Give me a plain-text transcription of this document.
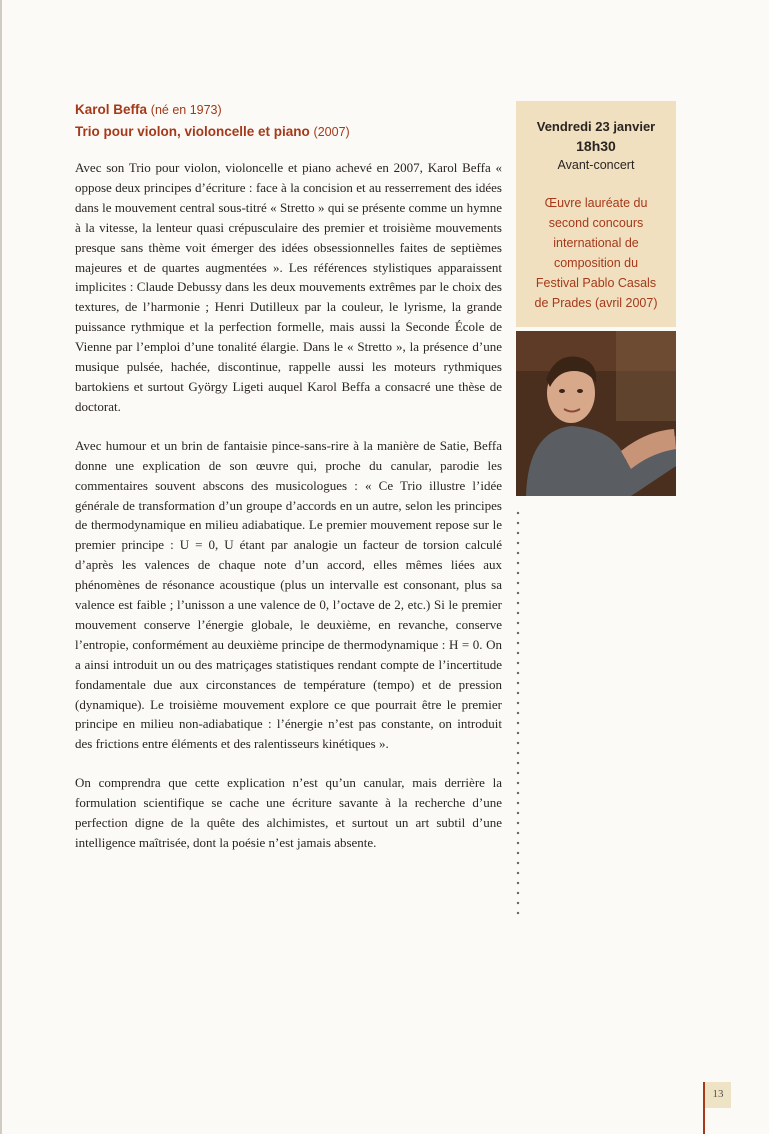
Karol Beffa (né en 1973)
Trio pour violon, violoncelle et piano (2007)

Avec son Trio pour violon, violoncelle et piano achevé en 2007, Karol Beffa « oppose deux principes d’écriture : face à la concision et au resserrement des idées dans le mouvement central sous-titré « Stretto » qui se présente comme un hymne à la vitesse, la lenteur quasi crépusculaire des premier et troisième mouvements presque sans thème voit émerger des idées obsessionnelles faites de septièmes majeures et de quartes augmentées ». Les références stylistiques apparaissent implicites : Claude Debussy dans les deux mouvements extrêmes par le choix des textures, de l’harmonie ; Henri Dutilleux par la couleur, le lyrisme, la grande puissance rythmique et la perfection formelle, mais aussi la Seconde École de Vienne par l’emploi d’une tonalité élargie. Dans le « Stretto », la présence d’une musique pulsée, hachée, discontinue, rappelle aussi les moteurs rythmiques bartokiens et surtout György Ligeti auquel Karol Beffa a consacré une thèse de doctorat.

Avec humour et un brin de fantaisie pince-sans-rire à la manière de Satie, Beffa donne une explication de son œuvre qui, proche du canular, parodie les commentaires souvent abscons des musicologues : « Ce Trio illustre l’idée générale de transformation d’un groupe d’accords en un autre, selon les principes de thermodynamique en milieu adiabatique. Le premier mouvement repose sur le premier principe : U = 0, U étant par analogie un facteur de torsion calculé d’après les valences de chaque note d’un accord, elles mêmes liées aux phénomènes de résonance acoustique (plus un intervalle est consonant, plus sa valence est faible ; l’unisson a une valence de 0, l’octave de 2, etc.) Si le premier mouvement conserve l’énergie globale, le deuxième, en revanche, conserve l’entropie, conformément au deuxième principe de thermodynamique : H = 0. On a ainsi introduit un ou des matriçages statistiques rendant compte de l’incertitude fondamentale due aux circonstances de température (tempo) et de pression (dynamique). Le troisième mouvement explore ce que pourrait être le premier principe en milieu non-adiabatique : l’énergie n’est pas constante, on introduit des frictions entre éléments et des ralentisseurs kinétiques ».

On comprendra que cette explication n’est qu’un canular, mais derrière la formulation scientifique se cache une écriture savante à la recherche d’une perfection digne de la quête des alchimistes, et surtout un art subtil d’une intelligence maîtrisée, dont la poésie n’est jamais absente.

Vendredi 23 janvier
18h30
Avant-concert
Œuvre lauréate du
second concours
international de
composition du
Festival Pablo Casals
de Prades (avril 2007)
13
